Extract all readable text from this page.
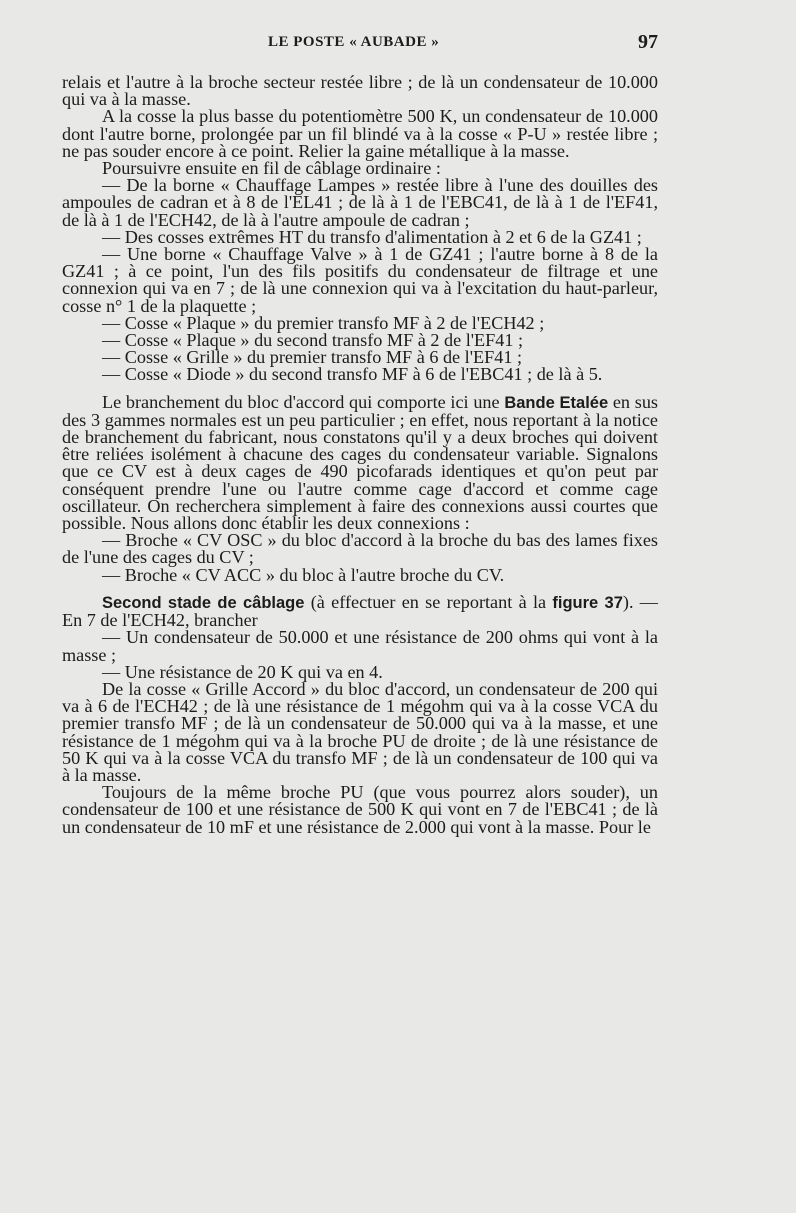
LE POSTE « AUBADE »	97

relais et l'autre à la broche secteur restée libre ; de là un condensateur de 10.000 qui va à la masse.

A la cosse la plus basse du potentiomètre 500 K, un condensateur de 10.000 dont l'autre borne, prolongée par un fil blindé va à la cosse « P-U » restée libre ; ne pas souder encore à ce point. Relier la gaine métallique à la masse.

Poursuivre ensuite en fil de câblage ordinaire :

— De la borne « Chauffage Lampes » restée libre à l'une des douilles des ampoules de cadran et à 8 de l'EL41 ; de là à 1 de l'EBC41, de là à 1 de l'EF41, de là à 1 de l'ECH42, de là à l'autre ampoule de cadran ;

— Des cosses extrêmes HT du transfo d'alimentation à 2 et 6 de la GZ41 ;

— Une borne « Chauffage Valve » à 1 de GZ41 ; l'autre borne à 8 de la GZ41 ; à ce point, l'un des fils positifs du condensateur de filtrage et une connexion qui va en 7 ; de là une connexion qui va à l'excitation du haut-parleur, cosse n° 1 de la plaquette ;

— Cosse « Plaque » du premier transfo MF à 2 de l'ECH42 ;

— Cosse « Plaque » du second transfo MF à 2 de l'EF41 ;

— Cosse « Grille » du premier transfo MF à 6 de l'EF41 ;

— Cosse « Diode » du second transfo MF à 6 de l'EBC41 ; de là à 5.

Le branchement du bloc d'accord qui comporte ici une Bande Etalée en sus des 3 gammes normales est un peu particulier ; en effet, nous reportant à la notice de branchement du fabricant, nous constatons qu'il y a deux broches qui doivent être reliées isolément à chacune des cages du condensateur variable. Signalons que ce CV est à deux cages de 490 picofarads identiques et qu'on peut par conséquent prendre l'une ou l'autre comme cage d'accord et comme cage oscillateur. On recherchera simplement à faire des connexions aussi courtes que possible. Nous allons donc établir les deux connexions :

— Broche « CV OSC » du bloc d'accord à la broche du bas des lames fixes de l'une des cages du CV ;

— Broche « CV ACC » du bloc à l'autre broche du CV.

Second stade de câblage (à effectuer en se reportant à la figure 37). — En 7 de l'ECH42, brancher

— Un condensateur de 50.000 et une résistance de 200 ohms qui vont à la masse ;

— Une résistance de 20 K qui va en 4.

De la cosse « Grille Accord » du bloc d'accord, un condensateur de 200 qui va à 6 de l'ECH42 ; de là une résistance de 1 mégohm qui va à la cosse VCA du premier transfo MF ; de là un condensateur de 50.000 qui va à la masse, et une résistance de 1 mégohm qui va à la broche PU de droite ; de là une résistance de 50 K qui va à la cosse VCA du transfo MF ; de là un condensateur de 100 qui va à la masse.

Toujours de la même broche PU (que vous pourrez alors souder), un condensateur de 100 et une résistance de 500 K qui vont en 7 de l'EBC41 ; de là un condensateur de 10 mF et une résistance de 2.000 qui vont à la masse. Pour le
